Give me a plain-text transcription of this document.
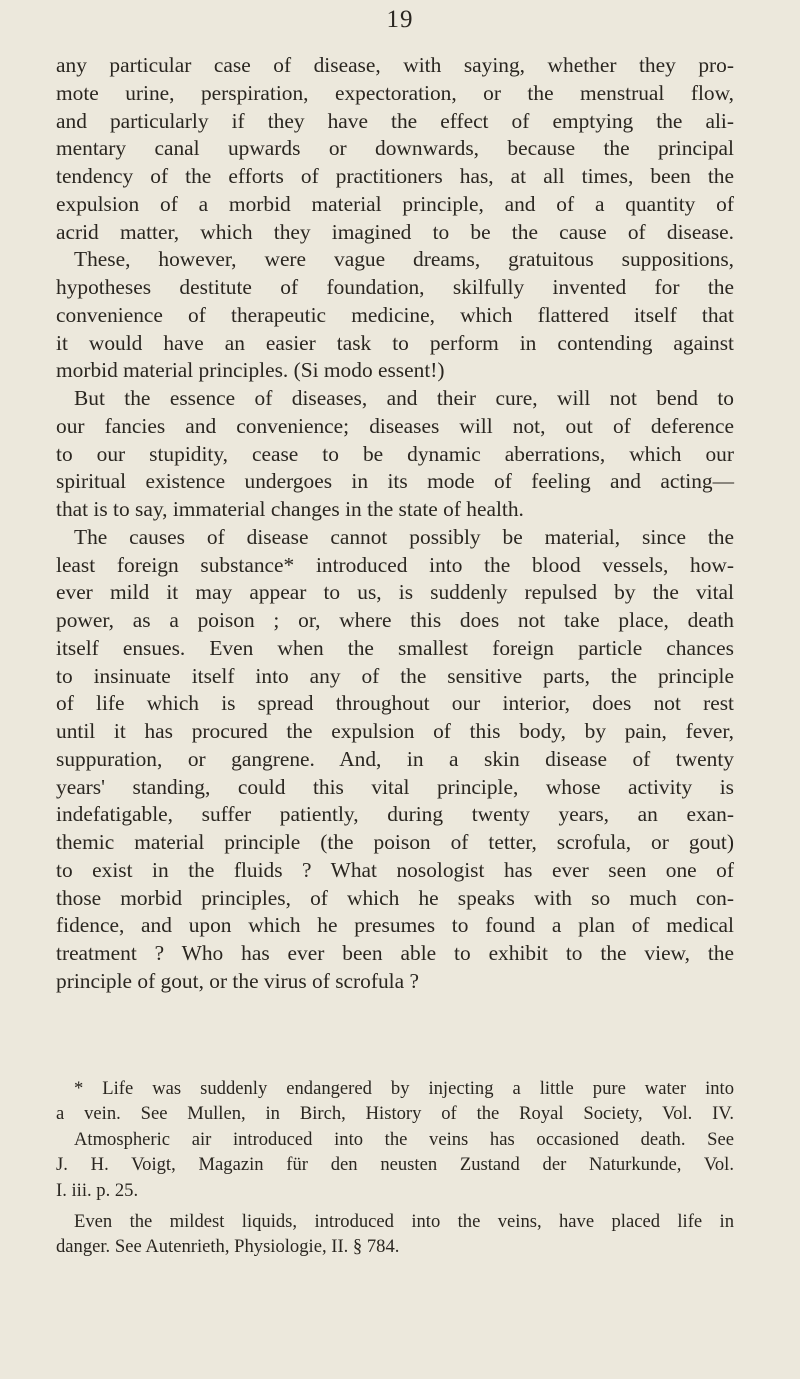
19
any particular case of disease, with saying, whether they pro-
mote urine, perspiration, expectoration, or the menstrual flow,
and particularly if they have the effect of emptying the ali-
mentary canal upwards or downwards, because the principal
tendency of the efforts of practitioners has, at all times, been the
expulsion of a morbid material principle, and of a quantity of
acrid matter, which they imagined to be the cause of disease.
These, however, were vague dreams, gratuitous suppositions,
hypotheses destitute of foundation, skilfully invented for the
convenience of therapeutic medicine, which flattered itself that
it would have an easier task to perform in contending against
morbid material principles. (Si modo essent!)
But the essence of diseases, and their cure, will not bend to
our fancies and convenience; diseases will not, out of deference
to our stupidity, cease to be dynamic aberrations, which our
spiritual existence undergoes in its mode of feeling and acting—
that is to say, immaterial changes in the state of health.
The causes of disease cannot possibly be material, since the
least foreign substance* introduced into the blood vessels, how-
ever mild it may appear to us, is suddenly repulsed by the vital
power, as a poison ; or, where this does not take place, death
itself ensues. Even when the smallest foreign particle chances
to insinuate itself into any of the sensitive parts, the principle
of life which is spread throughout our interior, does not rest
until it has procured the expulsion of this body, by pain, fever,
suppuration, or gangrene. And, in a skin disease of twenty
years' standing, could this vital principle, whose activity is
indefatigable, suffer patiently, during twenty years, an exan-
themic material principle (the poison of tetter, scrofula, or gout)
to exist in the fluids ? What nosologist has ever seen one of
those morbid principles, of which he speaks with so much con-
fidence, and upon which he presumes to found a plan of medical
treatment ? Who has ever been able to exhibit to the view, the
principle of gout, or the virus of scrofula ?
* Life was suddenly endangered by injecting a little pure water into
a vein. See Mullen, in Birch, History of the Royal Society, Vol. IV.
Atmospheric air introduced into the veins has occasioned death. See
J. H. Voigt, Magazin für den neusten Zustand der Naturkunde, Vol.
I. iii. p. 25.
Even the mildest liquids, introduced into the veins, have placed life in
danger. See Autenrieth, Physiologie, II. § 784.
